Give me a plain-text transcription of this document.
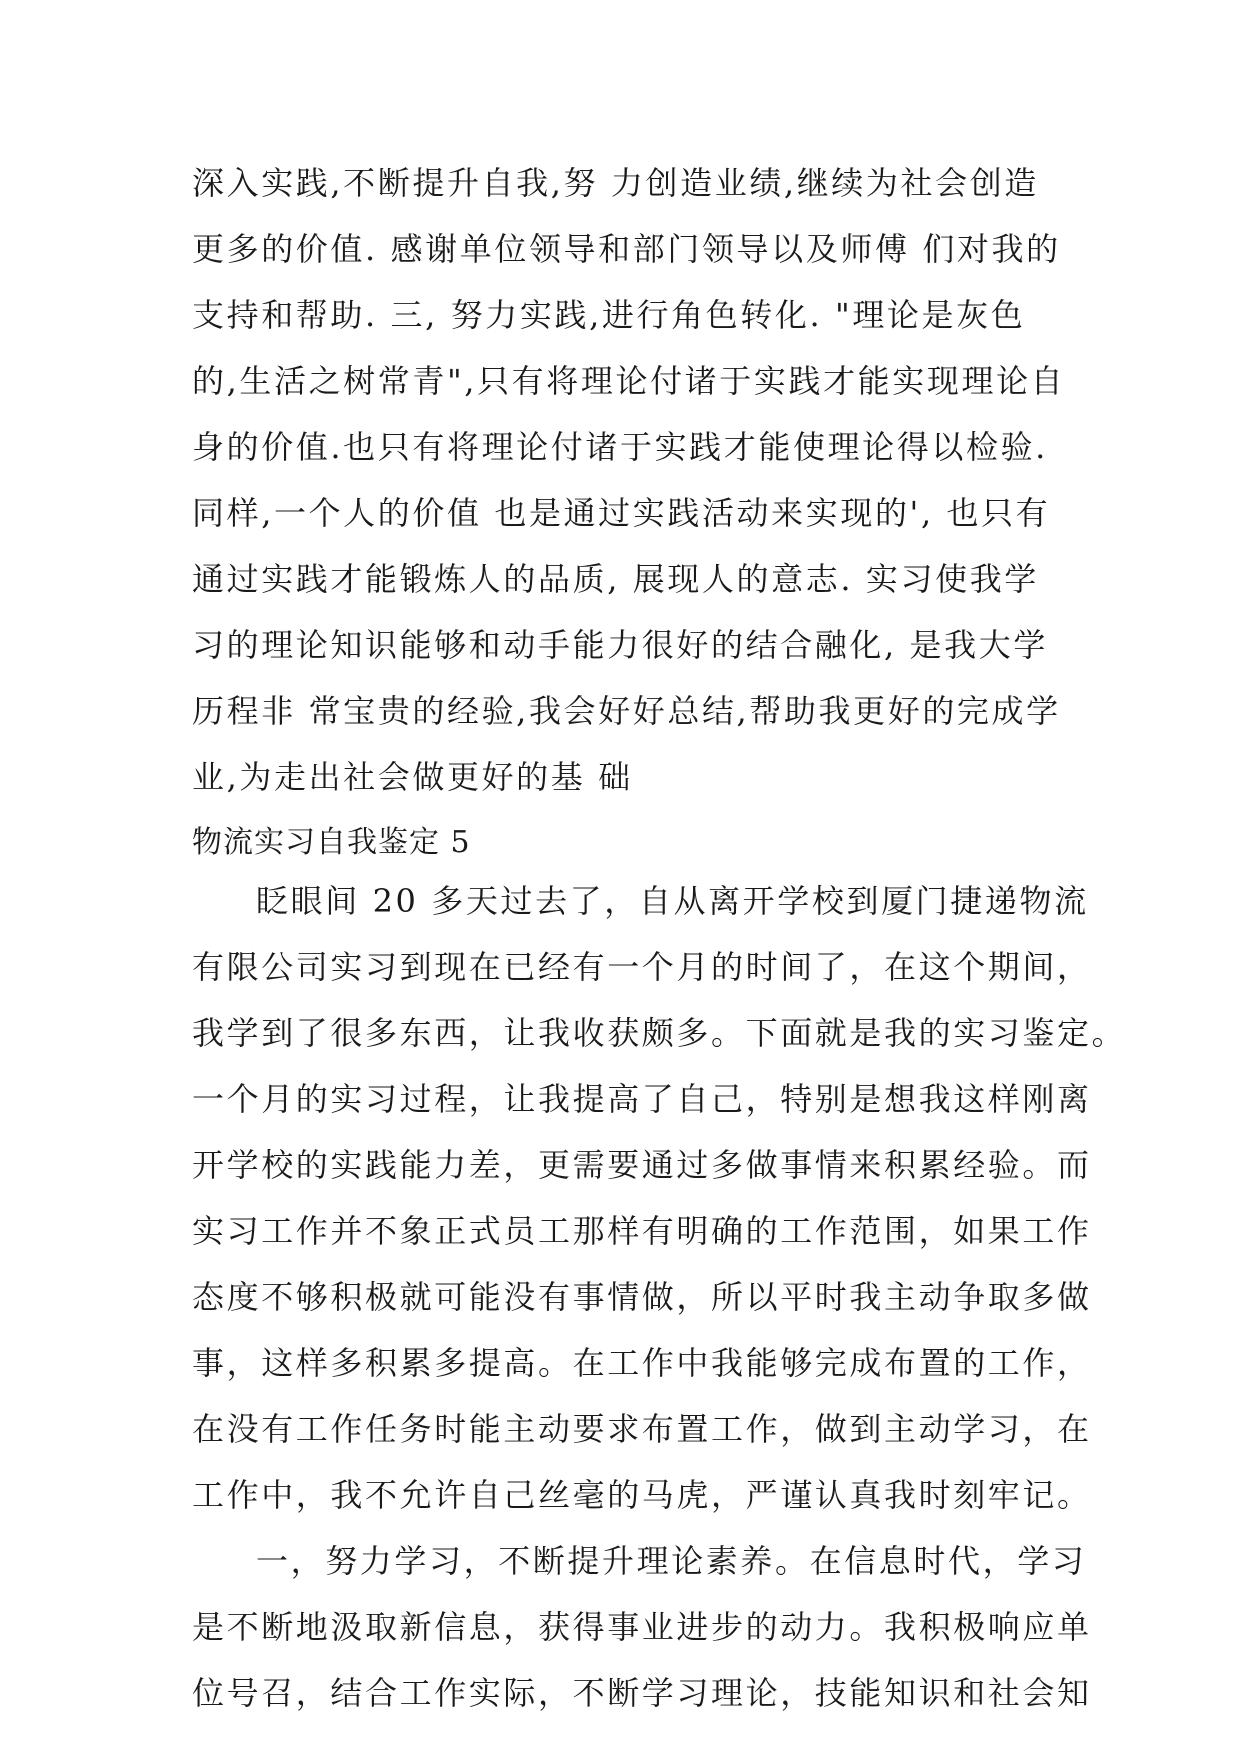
深入实践,不断提升自我,努 力创造业绩,继续为社会创造
更多的价值. 感谢单位领导和部门领导以及师傅 们对我的
支持和帮助. 三, 努力实践,进行角色转化. "理论是灰色
的,生活之树常青",只有将理论付诸于实践才能实现理论自
身的价值.也只有将理论付诸于实践才能使理论得以检验.
同样,一个人的价值 也是通过实践活动来实现的', 也只有
通过实践才能锻炼人的品质, 展现人的意志. 实习使我学
习的理论知识能够和动手能力很好的结合融化, 是我大学
历程非 常宝贵的经验,我会好好总结,帮助我更好的完成学
业,为走出社会做更好的基 础
物流实习自我鉴定 5
眨眼间 20 多天过去了，自从离开学校到厦门捷递物流
有限公司实习到现在已经有一个月的时间了，在这个期间，
我学到了很多东西，让我收获颇多。下面就是我的实习鉴定。
一个月的实习过程，让我提高了自己，特别是想我这样刚离
开学校的实践能力差，更需要通过多做事情来积累经验。而
实习工作并不象正式员工那样有明确的工作范围，如果工作
态度不够积极就可能没有事情做，所以平时我主动争取多做
事，这样多积累多提高。在工作中我能够完成布置的工作，
在没有工作任务时能主动要求布置工作，做到主动学习，在
工作中，我不允许自己丝毫的马虎，严谨认真我时刻牢记。
一，努力学习，不断提升理论素养。在信息时代，学习
是不断地汲取新信息，获得事业进步的动力。我积极响应单
位号召，结合工作实际，不断学习理论，技能知识和社会知
